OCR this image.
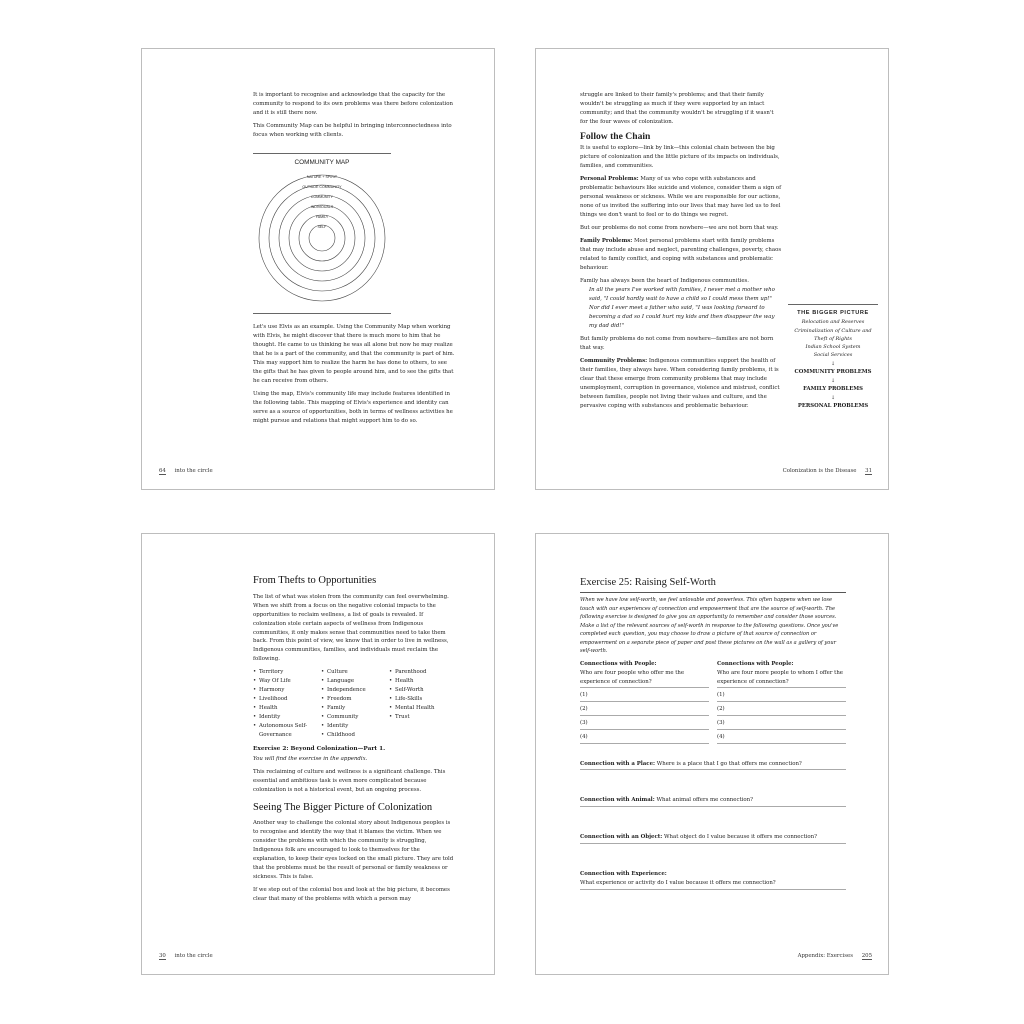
It is important to recognise and acknowledge that the capacity for the community to respond to its own problems was there before colonization and it is still there now.

This Community Map can be helpful in bringing interconnectedness into focus when working with clients.

COMMUNITY MAP
NATURE + SPIRIT
OUTSIDE COMMUNITY
COMMUNITY
INDIVIDUALS
FAMILY
SELF

Let's use Elvis as an example. Using the Community Map when working with Elvis, he might discover that there is much more to him that he thought. He came to us thinking he was all alone but now he may realize that he is a part of the community, and that the community is part of him. This may support him to realize the harm he has done to others, to see the gifts that he has given to people around him, and to see the gifts that he can receive from others.

Using the map, Elvis's community life may include features identified in the following table. This mapping of Elvis's experience and identity can serve as a source of opportunities, both in terms of wellness activities he might pursue and relations that might support him to do so.

64 into the circle

struggle are linked to their family's problems; and that their family wouldn't be struggling as much if they were supported by an intact community; and that the community wouldn't be struggling if it wasn't for the four waves of colonization.

Follow the Chain

It is useful to explore—link by link—this colonial chain between the big picture of colonization and the little picture of its impacts on individuals, families, and communities.

Personal Problems: Many of us who cope with substances and problematic behaviours like suicide and violence, consider them a sign of personal weakness or sickness. While we are responsible for our actions, none of us invited the suffering into our lives that may have led us to feel things we don't want to feel or to do things we regret.

But our problems do not come from nowhere—we are not born that way.

Family Problems: Most personal problems start with family problems that may include abuse and neglect, parenting challenges, poverty, chaos related to family conflict, and coping with substances and problematic behaviour.

Family has always been the heart of Indigenous communities.

In all the years I've worked with families, I never met a mother who said, "I could hardly wait to have a child so I could mess them up!" Nor did I ever meet a father who said, "I was looking forward to becoming a dad so I could hurt my kids and then disappear the way my dad did!"

But family problems do not come from nowhere—families are not born that way.

Community Problems: Indigenous communities support the health of their families, they always have. When considering family problems, it is clear that these emerge from community problems that may include unemployment, corruption in governance, violence and mistrust, conflict between families, people not living their values and culture, and the pervasive coping with substances and problematic behaviour.

THE BIGGER PICTURE
Relocation and Reserves
Criminalization of Culture and Theft of Rights
Indian School System
Social Services
↓
COMMUNITY PROBLEMS
↓
FAMILY PROBLEMS
↓
PERSONAL PROBLEMS
Colonization is the Disease 31
From Thefts to Opportunities

The list of what was stolen from the community can feel overwhelming. When we shift from a focus on the negative colonial impacts to the opportunities to reclaim wellness, a list of goals is revealed. If colonization stole certain aspects of wellness from Indigenous communities, it only makes sense that communities need to take them back. From this point of view, we know that in order to live in wellness, Indigenous communities, families, and individuals must reclaim the following.

• Territory
• Way Of Life
• Harmony
• Livelihood
• Health
• Identity
• Autonomous Self-Governance
• Culture
• Language
• Independence
• Freedom
• Family
• Community
• Identity
• Childhood
• Parenthood
• Health
• Self-Worth
• Life-Skills
• Mental Health
• Trust
Exercise 2: Beyond Colonization—Part 1.

You will find the exercise in the appendix.

This reclaiming of culture and wellness is a significant challenge. This essential and ambitious task is even more complicated because colonization is not a historical event, but an ongoing process.

Seeing The Bigger Picture of Colonization

Another way to challenge the colonial story about Indigenous peoples is to recognise and identify the way that it blames the victim. When we consider the problems with which the community is struggling, Indigenous folk are encouraged to look to themselves for the explanation, to keep their eyes locked on the small picture. They are told that the problems must be the result of personal or family weakness or sickness. This is false.

If we step out of the colonial box and look at the big picture, it becomes clear that many of the problems with which a person may

30 into the circle
Exercise 25: Raising Self-Worth

When we have low self-worth, we feel unlovable and powerless. This often happens when we lose touch with our experiences of connection and empowerment that are the source of self-worth. The following exercise is designed to give you an opportunity to remember and consider those sources. Make a list of the relevant sources of self-worth in response to the following questions. Once you've completed each question, you may choose to draw a picture of that source of connection or empowerment on a separate piece of paper and post these pictures on the wall as a gallery of your self-worth.

Connections with People:
Who are four people who offer me the experience of connection?
(1)
(2)
(3)
(4)
Connections with People:
Who are four more people to whom I offer the experience of connection?
(1)
(2)
(3)
(4)
Connection with a Place: Where is a place that I go that offers me connection?
Connection with Animal: What animal offers me connection?
Connection with an Object: What object do I value because it offers me connection?
Connection with Experience:
What experience or activity do I value because it offers me connection?
Appendix: Exercises 205
